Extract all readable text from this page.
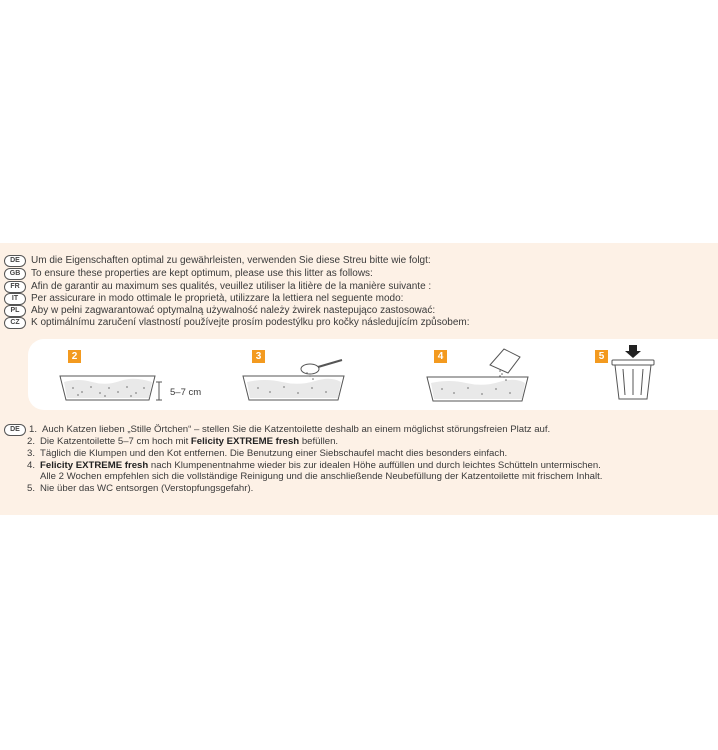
DE	Um die Eigenschaften optimal zu gewährleisten, verwenden Sie diese Streu bitte wie folgt:
GB	To ensure these properties are kept optimum, please use this litter as follows:
FR	Afin de garantir au maximum ses qualités, veuillez utiliser la litière de la manière suivante :
IT	Per assicurare in modo ottimale le proprietà, utilizzare la lettiera nel seguente modo:
PL	Aby w pełni zagwarantować optymalną używalność należy żwirek nastepująco zastosować:
CZ	K optimálnímu zaručení vlastností používejte prosím podestýlku pro kočky následujícím způsobem:
2	3	4	5
5–7 cm
DE 1. Auch Katzen lieben „Stille Örtchen“ – stellen Sie die Katzentoilette deshalb an einem möglichst störungsfreien Platz auf.
2. Die Katzentoilette 5–7 cm hoch mit Felicity EXTREME fresh befüllen.
3. Täglich die Klumpen und den Kot entfernen. Die Benutzung einer Siebschaufel macht dies besonders einfach.
4. Felicity EXTREME fresh nach Klumpenentnahme wieder bis zur idealen Höhe auffüllen und durch leichtes Schütteln untermischen.
Alle 2 Wochen empfehlen sich die vollständige Reinigung und die anschließende Neubefüllung der Katzentoilette mit frischem Inhalt.
5. Nie über das WC entsorgen (Verstopfungsgefahr).
